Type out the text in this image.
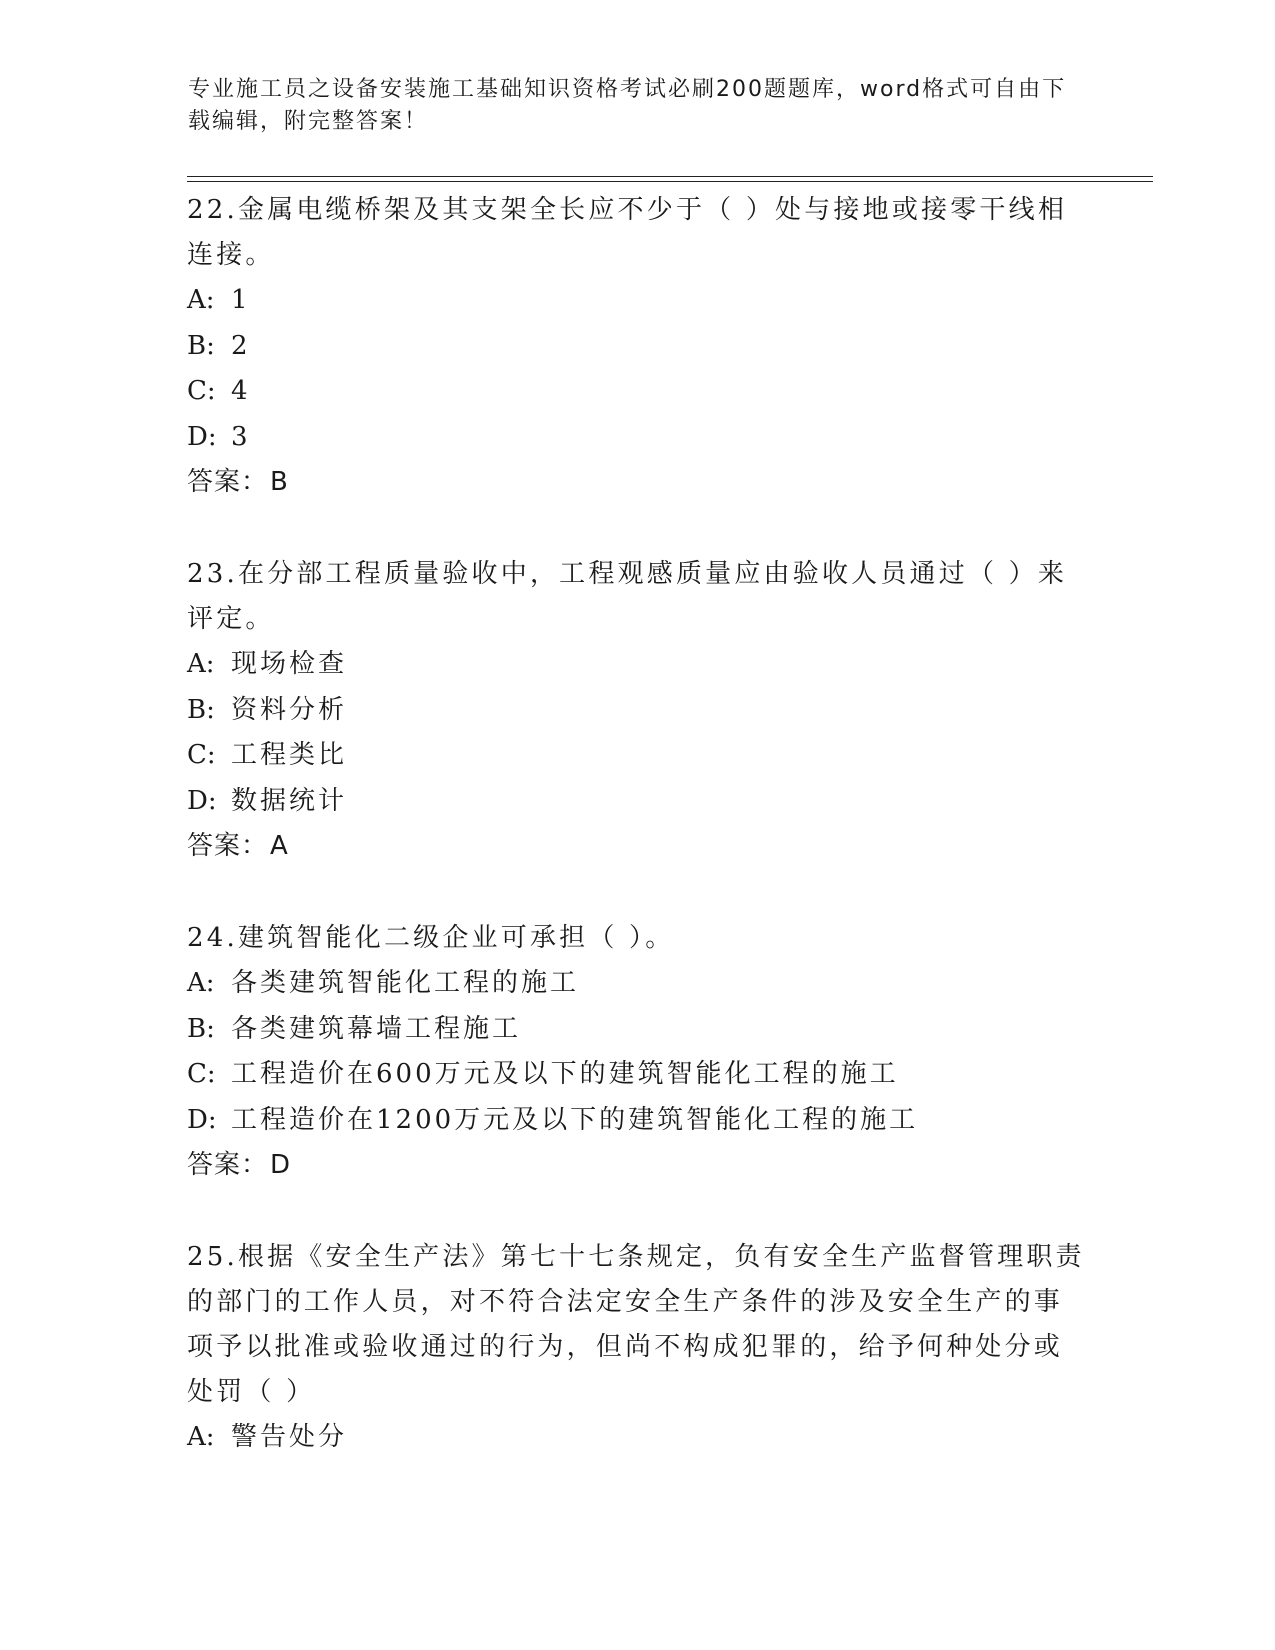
专业施工员之设备安装施工基础知识资格考试必刷200题题库，word格式可自由下载编辑，附完整答案！

22.金属电缆桥架及其支架全长应不少于（ ）处与接地或接零干线相连接。

A: 1

B: 2

C: 4

D: 3

答案：B

23.在分部工程质量验收中，工程观感质量应由验收人员通过（ ）来评定。

A: 现场检查

B: 资料分析

C: 工程类比

D: 数据统计

答案：A

24.建筑智能化二级企业可承担（ ）。

A: 各类建筑智能化工程的施工

B: 各类建筑幕墙工程施工

C: 工程造价在600万元及以下的建筑智能化工程的施工

D: 工程造价在1200万元及以下的建筑智能化工程的施工

答案：D

25.根据《安全生产法》第七十七条规定，负有安全生产监督管理职责的部门的工作人员，对不符合法定安全生产条件的涉及安全生产的事项予以批准或验收通过的行为，但尚不构成犯罪的，给予何种处分或处罚（ ）

A: 警告处分
